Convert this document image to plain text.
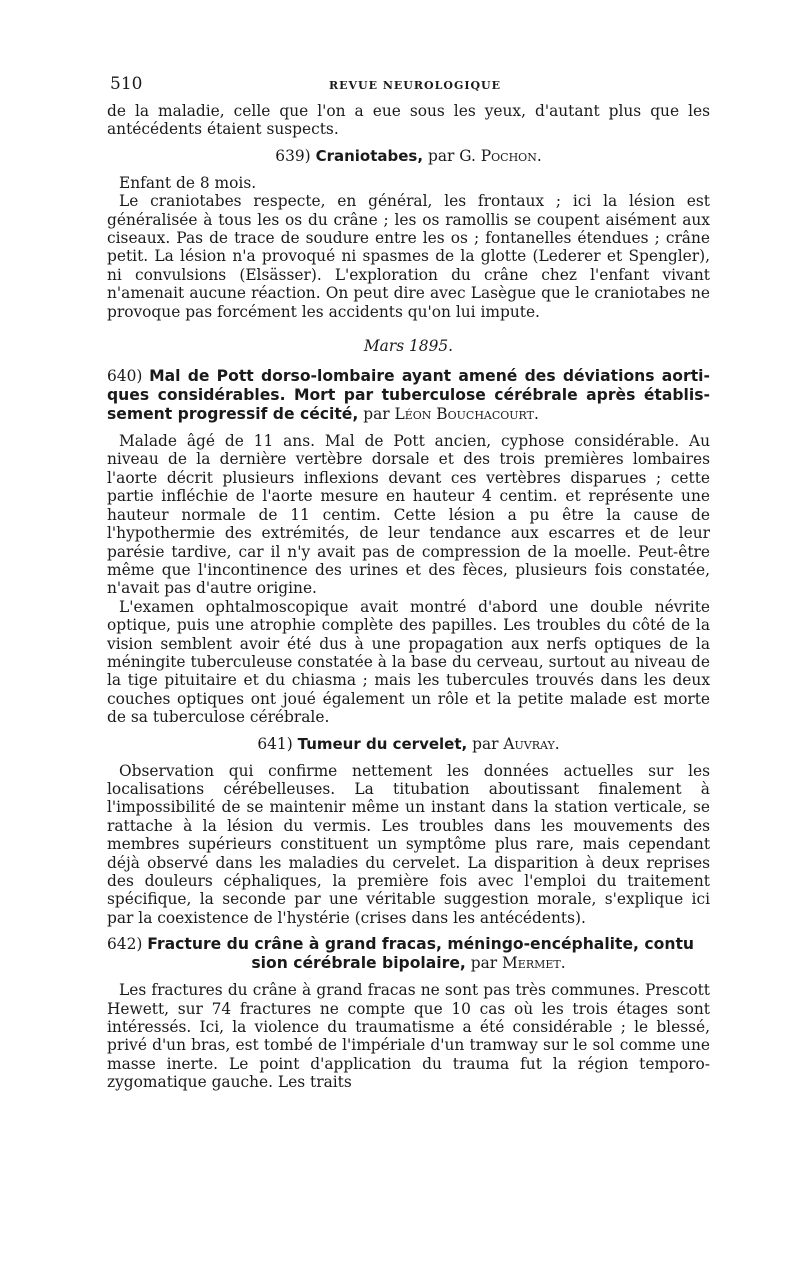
510	REVUE NEUROLOGIQUE

de la maladie, celle que l'on a eue sous les yeux, d'autant plus que les antécédents étaient suspects.

639) Craniotabes, par G. Pochon.

Enfant de 8 mois.

Le craniotabes respecte, en général, les frontaux ; ici la lésion est généralisée à tous les os du crâne ; les os ramollis se coupent aisément aux ciseaux. Pas de trace de soudure entre les os ; fontanelles étendues ; crâne petit. La lésion n'a provoqué ni spasmes de la glotte (Lederer et Spengler), ni convulsions (Elsässer). L'exploration du crâne chez l'enfant vivant n'amenait aucune réaction. On peut dire avec Lasègue que le craniotabes ne provoque pas forcément les accidents qu'on lui impute.

Mars 1895.
640) Mal de Pott dorso-lombaire ayant amené des déviations aortiques considérables. Mort par tuberculose cérébrale après établissement progressif de cécité, par Léon Bouchacourt.

Malade âgé de 11 ans. Mal de Pott ancien, cyphose considérable. Au niveau de la dernière vertèbre dorsale et des trois premières lombaires l'aorte décrit plusieurs inflexions devant ces vertèbres disparues ; cette partie infléchie de l'aorte mesure en hauteur 4 centim. et représente une hauteur normale de 11 centim. Cette lésion a pu être la cause de l'hypothermie des extrémités, de leur tendance aux escarres et de leur parésie tardive, car il n'y avait pas de compression de la moelle. Peut-être même que l'incontinence des urines et des fèces, plusieurs fois constatée, n'avait pas d'autre origine.

L'examen ophtalmoscopique avait montré d'abord une double névrite optique, puis une atrophie complète des papilles. Les troubles du côté de la vision semblent avoir été dus à une propagation aux nerfs optiques de la méningite tuberculeuse constatée à la base du cerveau, surtout au niveau de la tige pituitaire et du chiasma ; mais les tubercules trouvés dans les deux couches optiques ont joué également un rôle et la petite malade est morte de sa tuberculose cérébrale.

641) Tumeur du cervelet, par Auvray.

Observation qui confirme nettement les données actuelles sur les localisations cérébelleuses. La titubation aboutissant finalement à l'impossibilité de se maintenir même un instant dans la station verticale, se rattache à la lésion du vermis. Les troubles dans les mouvements des membres supérieurs constituent un symptôme plus rare, mais cependant déjà observé dans les maladies du cervelet. La disparition à deux reprises des douleurs céphaliques, la première fois avec l'emploi du traitement spécifique, la seconde par une véritable suggestion morale, s'explique ici par la coexistence de l'hystérie (crises dans les antécédents).

642) Fracture du crâne à grand fracas, méningo-encéphalite, contu
sion cérébrale bipolaire, par Mermet.

Les fractures du crâne à grand fracas ne sont pas très communes. Prescott Hewett, sur 74 fractures ne compte que 10 cas où les trois étages sont intéressés. Ici, la violence du traumatisme a été considérable ; le blessé, privé d'un bras, est tombé de l'impériale d'un tramway sur le sol comme une masse inerte. Le point d'application du trauma fut la région temporo-zygomatique gauche. Les traits
